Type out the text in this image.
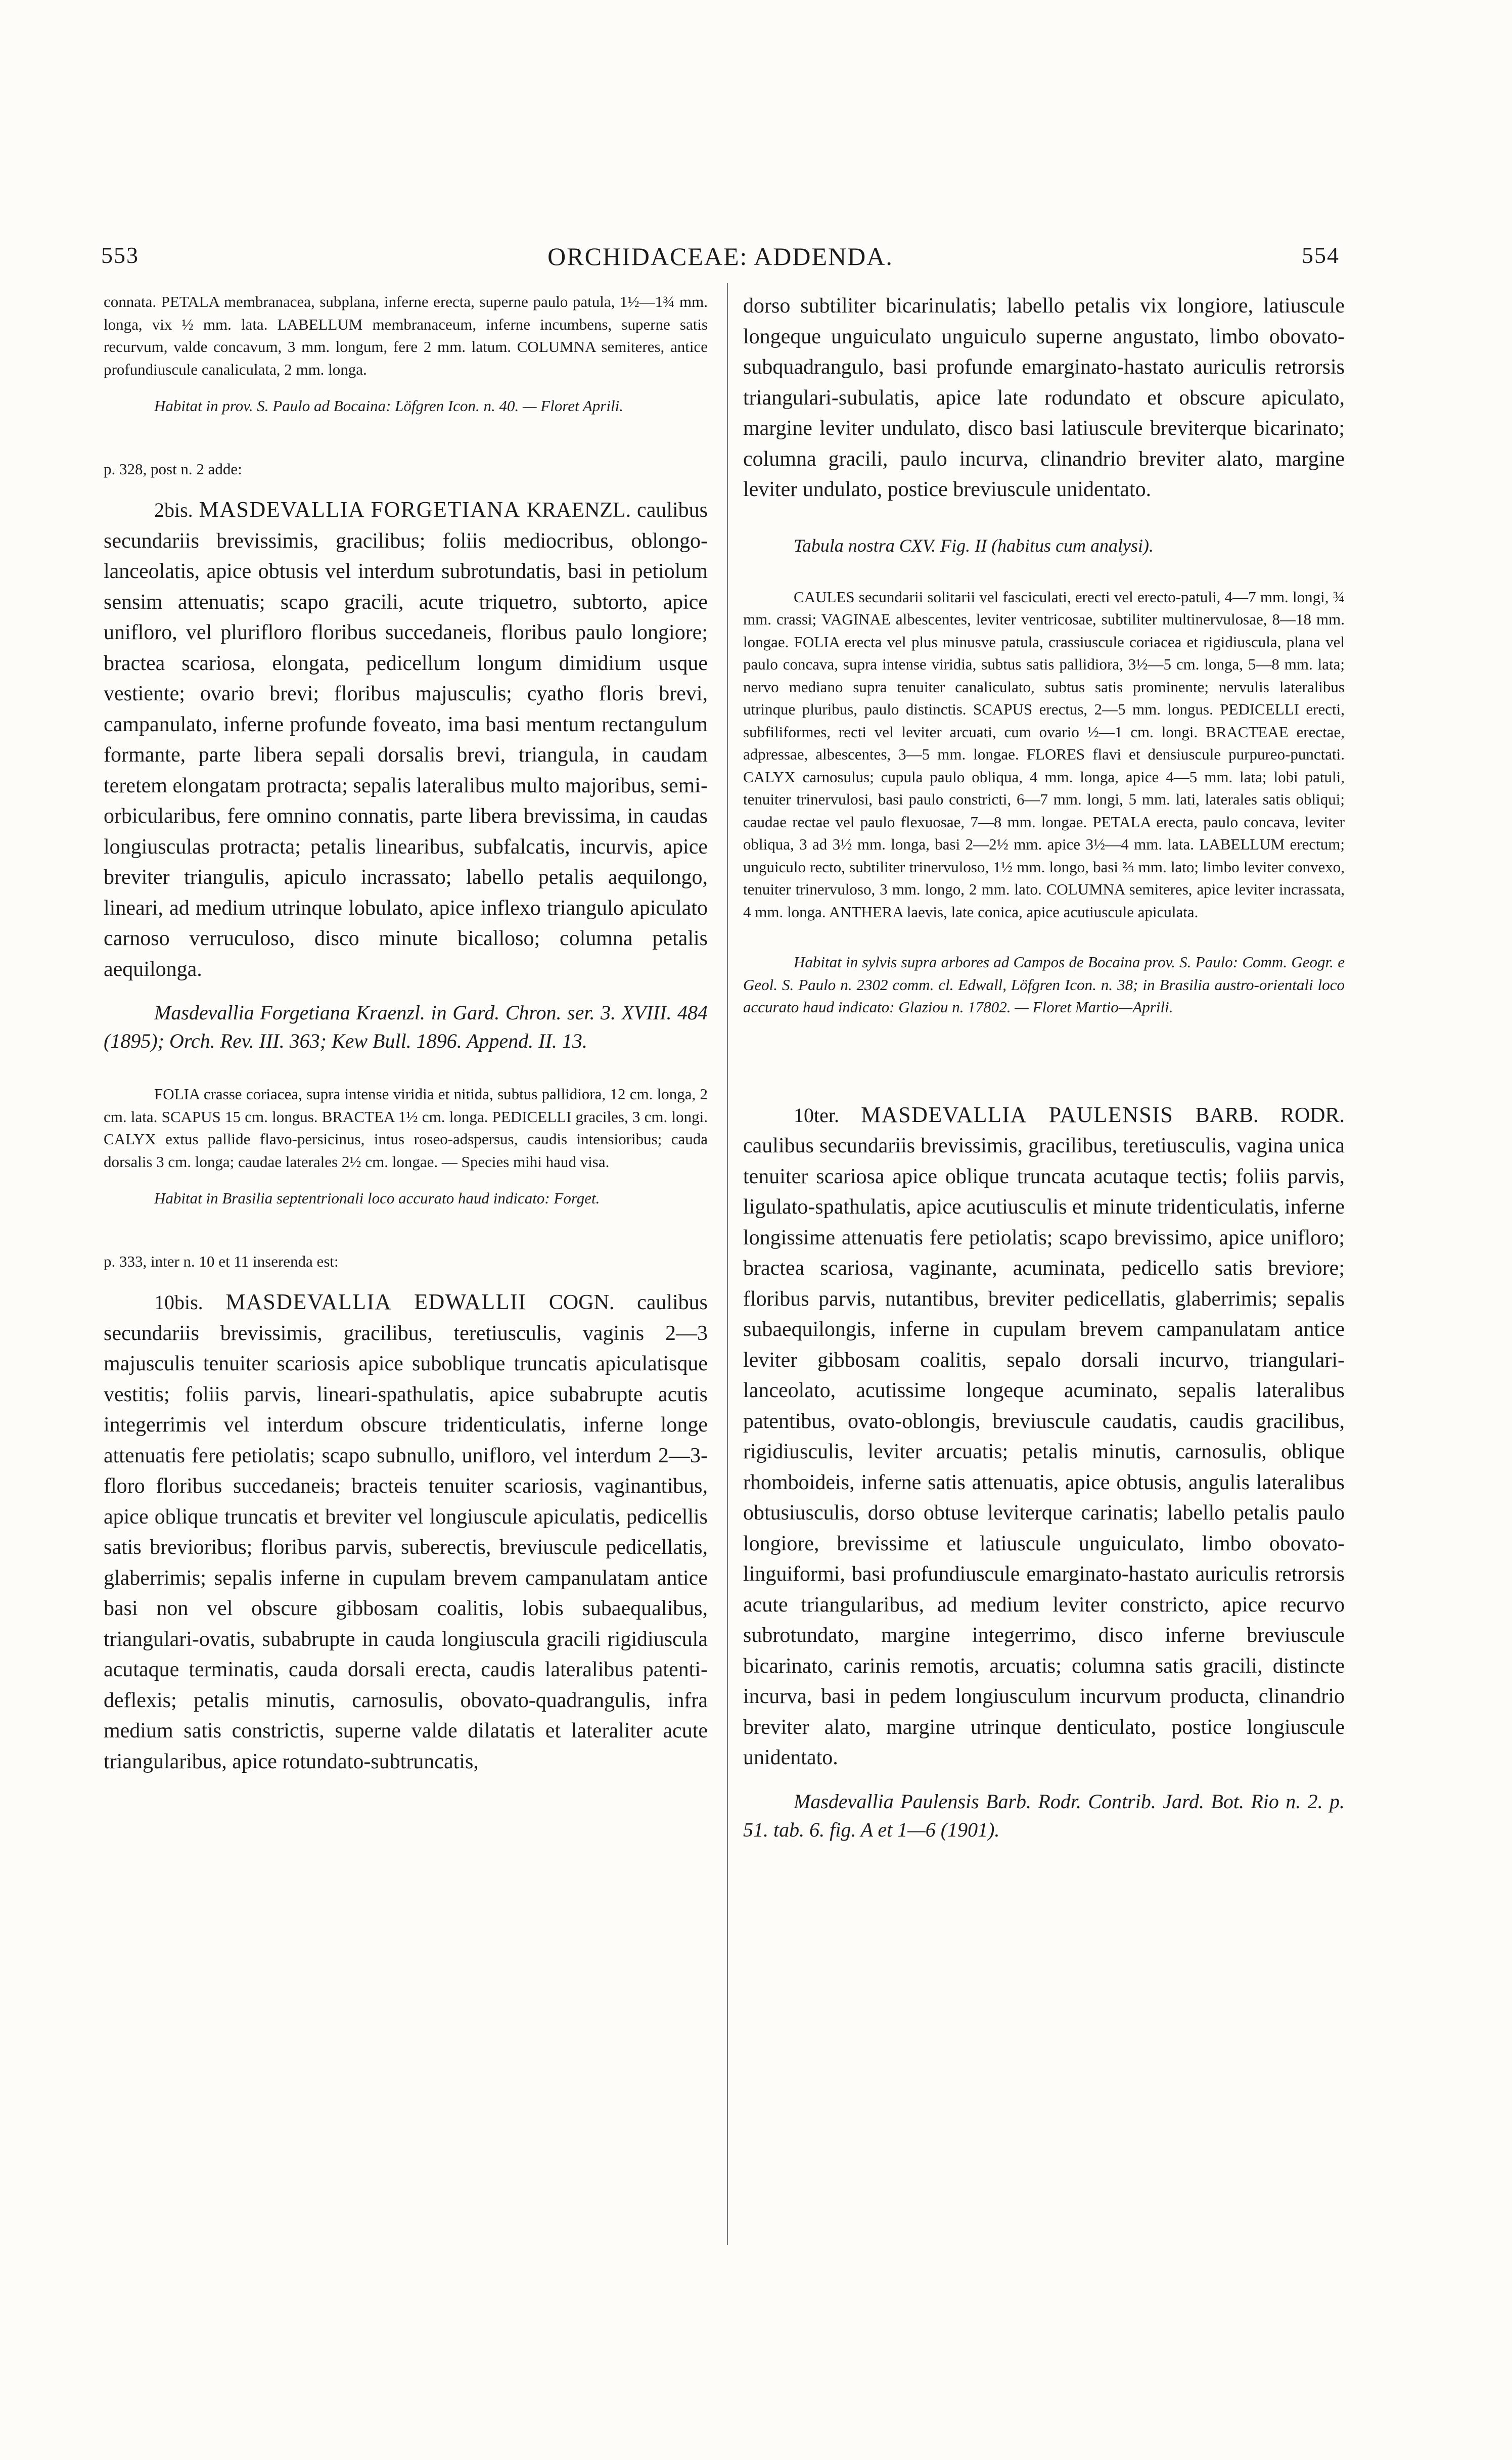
553	ORCHIDACEAE: ADDENDA.	554

connata. PETALA membranacea, subplana, inferne erecta, superne paulo patula, 1½—1¾ mm. longa, vix ½ mm. lata. LABELLUM membranaceum, inferne incumbens, superne satis recurvum, valde concavum, 3 mm. longum, fere 2 mm. latum. COLUMNA semiteres, antice profundiuscule canaliculata, 2 mm. longa.

Habitat in prov. S. Paulo ad Bocaina: Löfgren Icon. n. 40. — Floret Aprili.

p. 328, post n. 2 adde:

2bis. MASDEVALLIA FORGETIANA KRAENZL. caulibus secundariis brevissimis, gracilibus; foliis mediocribus, oblongo-lanceolatis, apice obtusis vel interdum subrotundatis, basi in petiolum sensim attenuatis; scapo gracili, acute triquetro, subtorto, apice unifloro, vel plurifloro floribus succedaneis, floribus paulo longiore; bractea scariosa, elongata, pedicellum longum dimidium usque vestiente; ovario brevi; floribus majusculis; cyatho floris brevi, campanulato, inferne profunde foveato, ima basi mentum rectangulum formante, parte libera sepali dorsalis brevi, triangula, in caudam teretem elongatam protracta; sepalis lateralibus multo majoribus, semi-orbicularibus, fere omnino connatis, parte libera brevissima, in caudas longiusculas protracta; petalis linearibus, subfalcatis, incurvis, apice breviter triangulis, apiculo incrassato; labello petalis aequilongo, lineari, ad medium utrinque lobulato, apice inflexo triangulo apiculato carnoso verruculoso, disco minute bicalloso; columna petalis aequilonga.

Masdevallia Forgetiana Kraenzl. in Gard. Chron. ser. 3. XVIII. 484 (1895); Orch. Rev. III. 363; Kew Bull. 1896. Append. II. 13.

FOLIA crasse coriacea, supra intense viridia et nitida, subtus pallidiora, 12 cm. longa, 2 cm. lata. SCAPUS 15 cm. longus. BRACTEA 1½ cm. longa. PEDICELLI graciles, 3 cm. longi. CALYX extus pallide flavo-persicinus, intus roseo-adspersus, caudis intensioribus; cauda dorsalis 3 cm. longa; caudae laterales 2½ cm. longae. — Species mihi haud visa.

Habitat in Brasilia septentrionali loco accurato haud indicato: Forget.

p. 333, inter n. 10 et 11 inserenda est:

10bis. MASDEVALLIA EDWALLII COGN. caulibus secundariis brevissimis, gracilibus, teretiusculis, vaginis 2—3 majusculis tenuiter scariosis apice suboblique truncatis apiculatisque vestitis; foliis parvis, lineari-spathulatis, apice subabrupte acutis integerrimis vel interdum obscure tridenticulatis, inferne longe attenuatis fere petiolatis; scapo subnullo, unifloro, vel interdum 2—3-floro floribus succedaneis; bracteis tenuiter scariosis, vaginantibus, apice oblique truncatis et breviter vel longiuscule apiculatis, pedicellis satis brevioribus; floribus parvis, suberectis, breviuscule pedicellatis, glaberrimis; sepalis inferne in cupulam brevem campanulatam antice basi non vel obscure gibbosam coalitis, lobis subaequalibus, triangulari-ovatis, subabrupte in cauda longiuscula gracili rigidiuscula acutaque terminatis, cauda dorsali erecta, caudis lateralibus patenti-deflexis; petalis minutis, carnosulis, obovato-quadrangulis, infra medium satis constrictis, superne valde dilatatis et lateraliter acute triangularibus, apice rotundato-subtruncatis,

dorso subtiliter bicarinulatis; labello petalis vix longiore, latiuscule longeque unguiculato unguiculo superne angustato, limbo obovato-subquadrangulo, basi profunde emarginato-hastato auriculis retrorsis triangulari-subulatis, apice late rodundato et obscure apiculato, margine leviter undulato, disco basi latiuscule breviterque bicarinato; columna gracili, paulo incurva, clinandrio breviter alato, margine leviter undulato, postice breviuscule unidentato.

Tabula nostra CXV. Fig. II (habitus cum analysi).

CAULES secundarii solitarii vel fasciculati, erecti vel erecto-patuli, 4—7 mm. longi, ¾ mm. crassi; VAGINAE albescentes, leviter ventricosae, subtiliter multinervulosae, 8—18 mm. longae. FOLIA erecta vel plus minusve patula, crassiuscule coriacea et rigidiuscula, plana vel paulo concava, supra intense viridia, subtus satis pallidiora, 3½—5 cm. longa, 5—8 mm. lata; nervo mediano supra tenuiter canaliculato, subtus satis prominente; nervulis lateralibus utrinque pluribus, paulo distinctis. SCAPUS erectus, 2—5 mm. longus. PEDICELLI erecti, subfiliformes, recti vel leviter arcuati, cum ovario ½—1 cm. longi. BRACTEAE erectae, adpressae, albescentes, 3—5 mm. longae. FLORES flavi et densiuscule purpureo-punctati. CALYX carnosulus; cupula paulo obliqua, 4 mm. longa, apice 4—5 mm. lata; lobi patuli, tenuiter trinervulosi, basi paulo constricti, 6—7 mm. longi, 5 mm. lati, laterales satis obliqui; caudae rectae vel paulo flexuosae, 7—8 mm. longae. PETALA erecta, paulo concava, leviter obliqua, 3 ad 3½ mm. longa, basi 2—2½ mm. apice 3½—4 mm. lata. LABELLUM erectum; unguiculo recto, subtiliter trinervuloso, 1½ mm. longo, basi ⅔ mm. lato; limbo leviter convexo, tenuiter trinervuloso, 3 mm. longo, 2 mm. lato. COLUMNA semiteres, apice leviter incrassata, 4 mm. longa. ANTHERA laevis, late conica, apice acutiuscule apiculata.

Habitat in sylvis supra arbores ad Campos de Bocaina prov. S. Paulo: Comm. Geogr. e Geol. S. Paulo n. 2302 comm. cl. Edwall, Löfgren Icon. n. 38; in Brasilia austro-orientali loco accurato haud indicato: Glaziou n. 17802. — Floret Martio—Aprili.

10ter. MASDEVALLIA PAULENSIS BARB. RODR. caulibus secundariis brevissimis, gracilibus, teretiusculis, vagina unica tenuiter scariosa apice oblique truncata acutaque tectis; foliis parvis, ligulato-spathulatis, apice acutiusculis et minute tridenticulatis, inferne longissime attenuatis fere petiolatis; scapo brevissimo, apice unifloro; bractea scariosa, vaginante, acuminata, pedicello satis breviore; floribus parvis, nutantibus, breviter pedicellatis, glaberrimis; sepalis subaequilongis, inferne in cupulam brevem campanulatam antice leviter gibbosam coalitis, sepalo dorsali incurvo, triangulari-lanceolato, acutissime longeque acuminato, sepalis lateralibus patentibus, ovato-oblongis, breviuscule caudatis, caudis gracilibus, rigidiusculis, leviter arcuatis; petalis minutis, carnosulis, oblique rhomboideis, inferne satis attenuatis, apice obtusis, angulis lateralibus obtusiusculis, dorso obtuse leviterque carinatis; labello petalis paulo longiore, brevissime et latiuscule unguiculato, limbo obovato-linguiformi, basi profundiuscule emarginato-hastato auriculis retrorsis acute triangularibus, ad medium leviter constricto, apice recurvo subrotundato, margine integerrimo, disco inferne breviuscule bicarinato, carinis remotis, arcuatis; columna satis gracili, distincte incurva, basi in pedem longiusculum incurvum producta, clinandrio breviter alato, margine utrinque denticulato, postice longiuscule unidentato.

Masdevallia Paulensis Barb. Rodr. Contrib. Jard. Bot. Rio n. 2. p. 51. tab. 6. fig. A et 1—6 (1901).
